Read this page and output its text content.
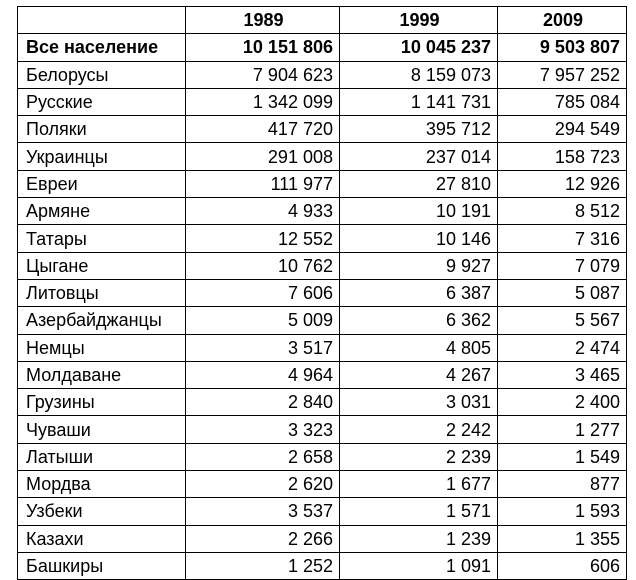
	1989	1999	2009
Все население	10 151 806	10 045 237	9 503 807
Белорусы	7 904 623	8 159 073	7 957 252
Русские	1 342 099	1 141 731	785 084
Поляки	417 720	395 712	294 549
Украинцы	291 008	237 014	158 723
Евреи	111 977	27 810	12 926
Армяне	4 933	10 191	8 512
Татары	12 552	10 146	7 316
Цыгане	10 762	9 927	7 079
Литовцы	7 606	6 387	5 087
Азербайджанцы	5 009	6 362	5 567
Немцы	3 517	4 805	2 474
Молдаване	4 964	4 267	3 465
Грузины	2 840	3 031	2 400
Чуваши	3 323	2 242	1 277
Латыши	2 658	2 239	1 549
Мордва	2 620	1 677	877
Узбеки	3 537	1 571	1 593
Казахи	2 266	1 239	1 355
Башкиры	1 252	1 091	606
